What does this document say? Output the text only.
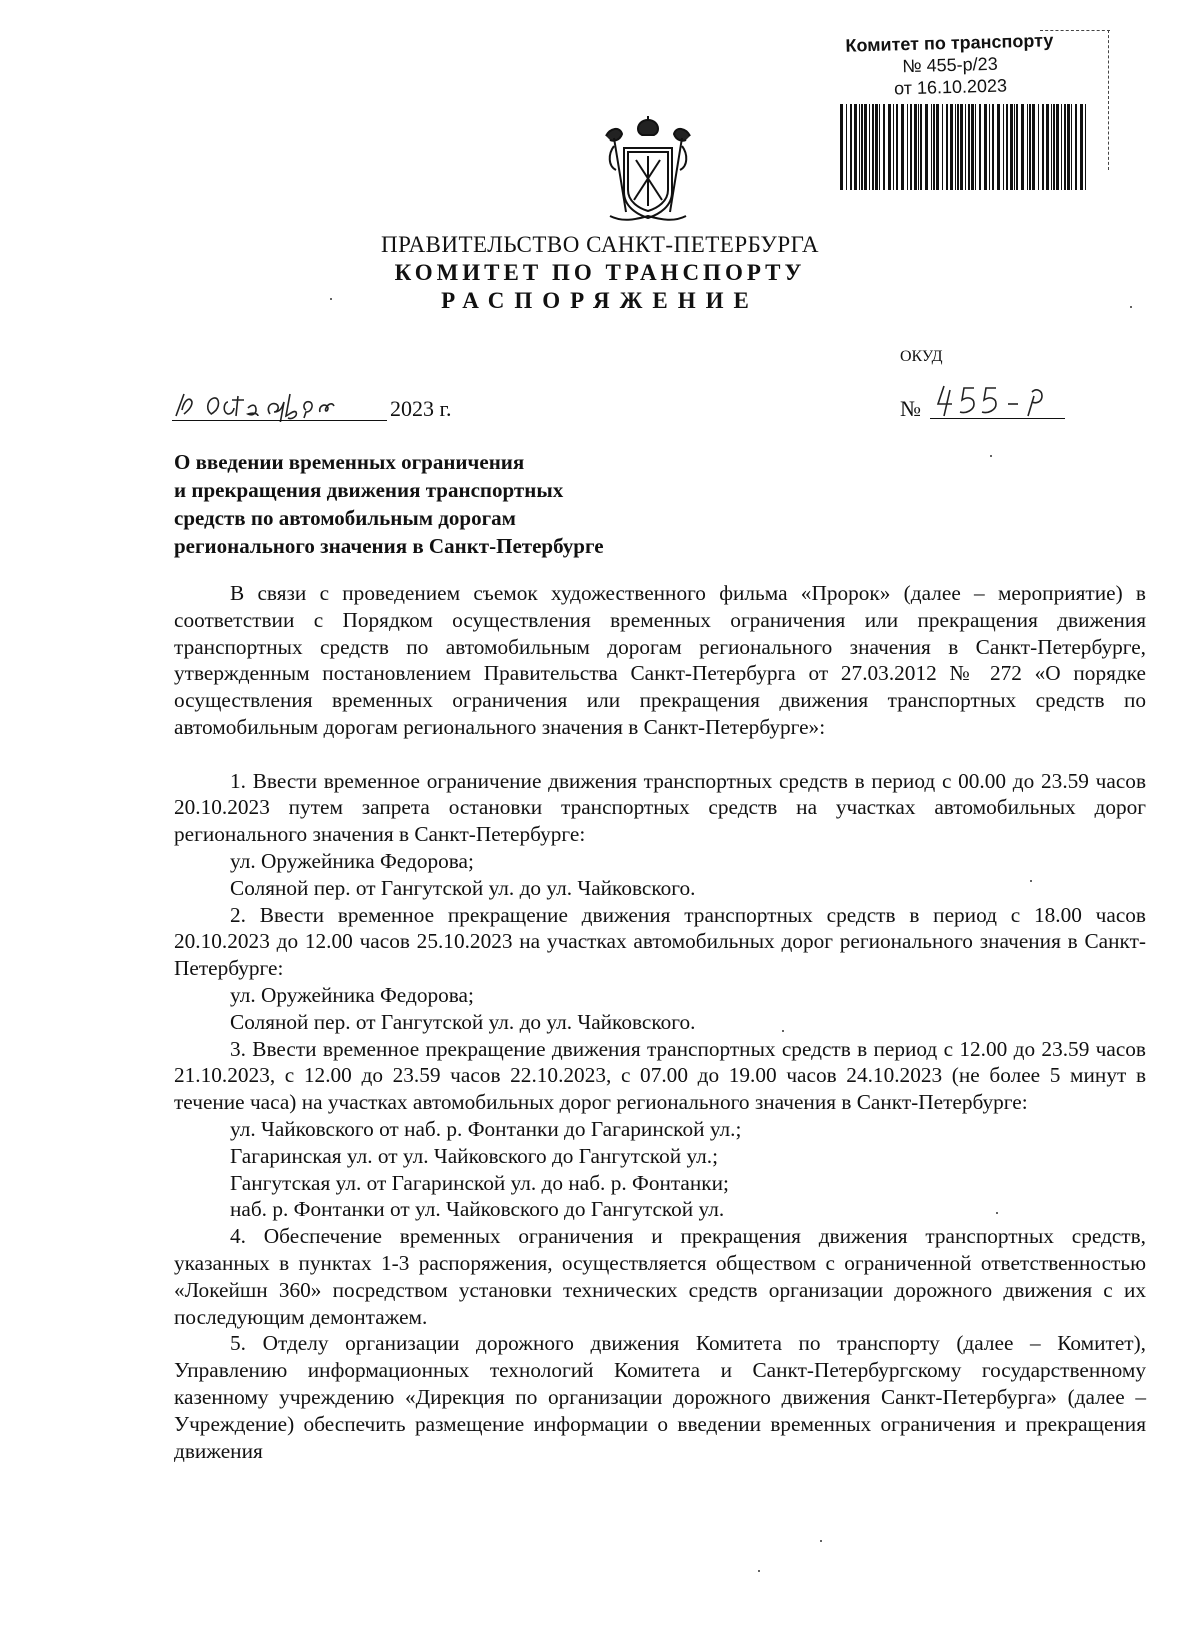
Комитет по транспорту
№ 455-р/23
от 16.10.2023
ПРАВИТЕЛЬСТВО САНКТ-ПЕТЕРБУРГА
КОМИТЕТ ПО ТРАНСПОРТУ
РАСПОРЯЖЕНИЕ
ОКУД
2023 г.	№
О введении временных ограничения
и прекращения движения транспортных
средств по автомобильным дорогам
регионального значения в Санкт-Петербурге

В связи с проведением съемок художественного фильма «Пророк» (далее – мероприятие) в соответствии с Порядком осуществления временных ограничения или прекращения движения транспортных средств по автомобильным дорогам регионального значения в Санкт-Петербурге, утвержденным постановлением Правительства Санкт-Петербурга от 27.03.2012 № 272 «О порядке осуществления временных ограничения или прекращения движения транспортных средств по автомобильным дорогам регионального значения в Санкт-Петербурге»:

1. Ввести временное ограничение движения транспортных средств в период с 00.00 до 23.59 часов 20.10.2023 путем запрета остановки транспортных средств на участках автомобильных дорог регионального значения в Санкт-Петербурге:

ул. Оружейника Федорова;

Соляной пер. от Гангутской ул. до ул. Чайковского.

2. Ввести временное прекращение движения транспортных средств в период с 18.00 часов 20.10.2023 до 12.00 часов 25.10.2023 на участках автомобильных дорог регионального значения в Санкт-Петербурге:

ул. Оружейника Федорова;

Соляной пер. от Гангутской ул. до ул. Чайковского.

3. Ввести временное прекращение движения транспортных средств в период с 12.00 до 23.59 часов 21.10.2023, с 12.00 до 23.59 часов 22.10.2023, с 07.00 до 19.00 часов 24.10.2023 (не более 5 минут в течение часа) на участках автомобильных дорог регионального значения в Санкт-Петербурге:

ул. Чайковского от наб. р. Фонтанки до Гагаринской ул.;

Гагаринская ул. от ул. Чайковского до Гангутской ул.;

Гангутская ул. от Гагаринской ул. до наб. р. Фонтанки;

наб. р. Фонтанки от ул. Чайковского до Гангутской ул.

4. Обеспечение временных ограничения и прекращения движения транспортных средств, указанных в пунктах 1-3 распоряжения, осуществляется обществом с ограниченной ответственностью «Локейшн 360» посредством установки технических средств организации дорожного движения с их последующим демонтажем.

5. Отделу организации дорожного движения Комитета по транспорту (далее – Комитет), Управлению информационных технологий Комитета и Санкт-Петербургскому государственному казенному учреждению «Дирекция по организации дорожного движения Санкт-Петербурга» (далее – Учреждение) обеспечить размещение информации о введении временных ограничения и прекращения движения
